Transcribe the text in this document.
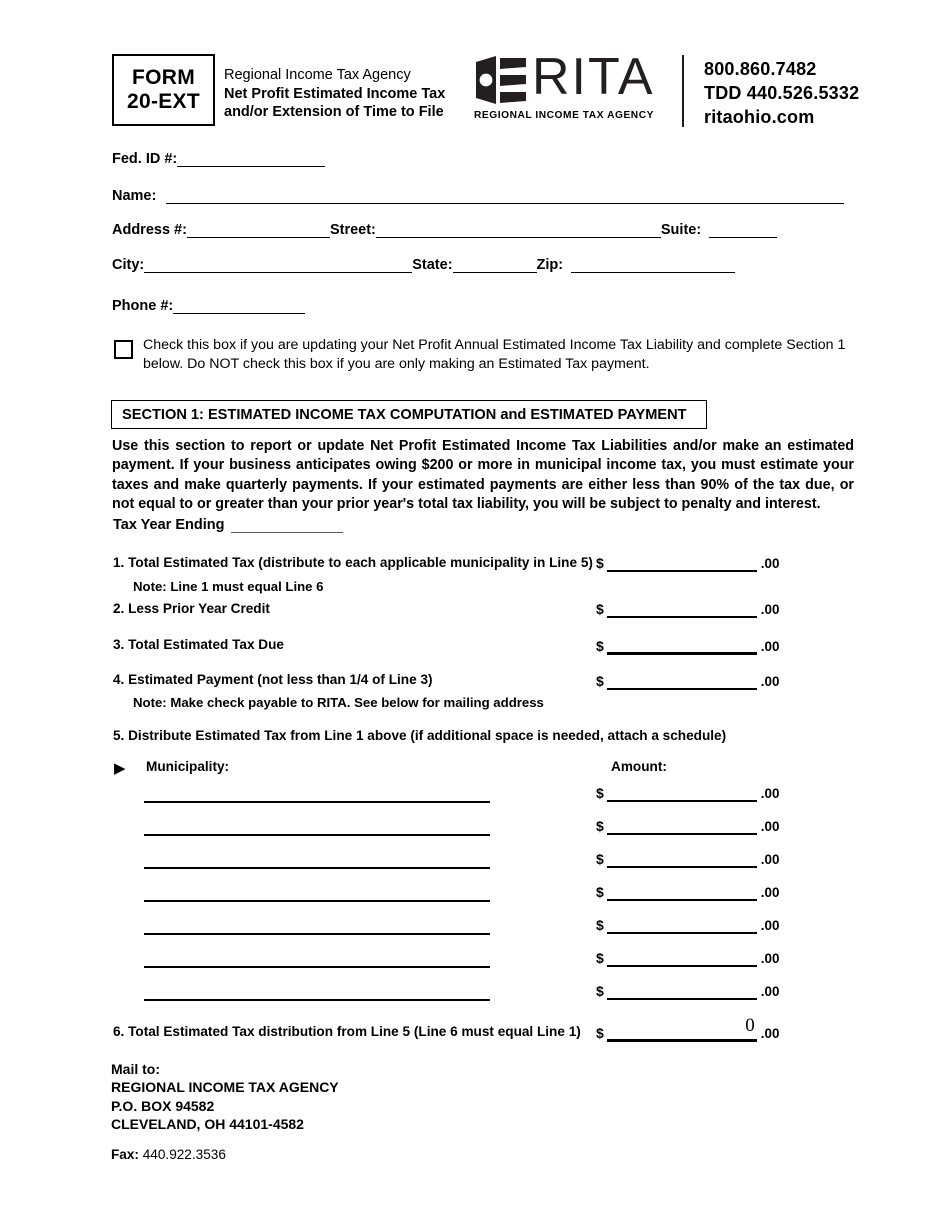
FORM
20-EXT
Regional Income Tax Agency
Net Profit Estimated Income Tax
and/or Extension of Time to File
RITA
REGIONAL INCOME TAX AGENCY
800.860.7482
TDD 440.526.5332
ritaohio.com
Fed. ID #:
Name:
Address #:	Street:	Suite:
City:	State:	Zip:
Phone #:
Check this box if you are updating your Net Profit Annual Estimated Income Tax Liability and complete Section 1 below. Do NOT check this box if you are only making an Estimated Tax payment.
SECTION 1: ESTIMATED INCOME TAX COMPUTATION and ESTIMATED PAYMENT
Use this section to report or update Net Profit Estimated Income Tax Liabilities and/or make an estimated payment. If your business anticipates owing $200 or more in municipal income tax, you must estimate your taxes and make quarterly payments. If your estimated payments are either less than 90% of the tax due, or not equal to or greater than your prior year's total tax liability, you will be subject to penalty and interest.
Tax Year Ending
1. Total Estimated Tax (distribute to each applicable municipality in Line 5) $	.00
Note: Line 1 must equal Line 6
2. Less Prior Year Credit	$	.00
3. Total Estimated Tax Due	$	.00
4. Estimated Payment (not less than 1/4 of Line 3)	$	.00
Note: Make check payable to RITA. See below for mailing address
5. Distribute Estimated Tax from Line 1 above (if additional space is needed, attach a schedule)
▶ Municipality:	Amount:
$	.00
$	.00
$	.00
$	.00
$	.00
$	.00
$	.00
6. Total Estimated Tax distribution from Line 5 (Line 6 must equal Line 1) $	0 .00
Mail to:
REGIONAL INCOME TAX AGENCY
P.O. BOX 94582
CLEVELAND, OH 44101-4582
Fax: 440.922.3536
